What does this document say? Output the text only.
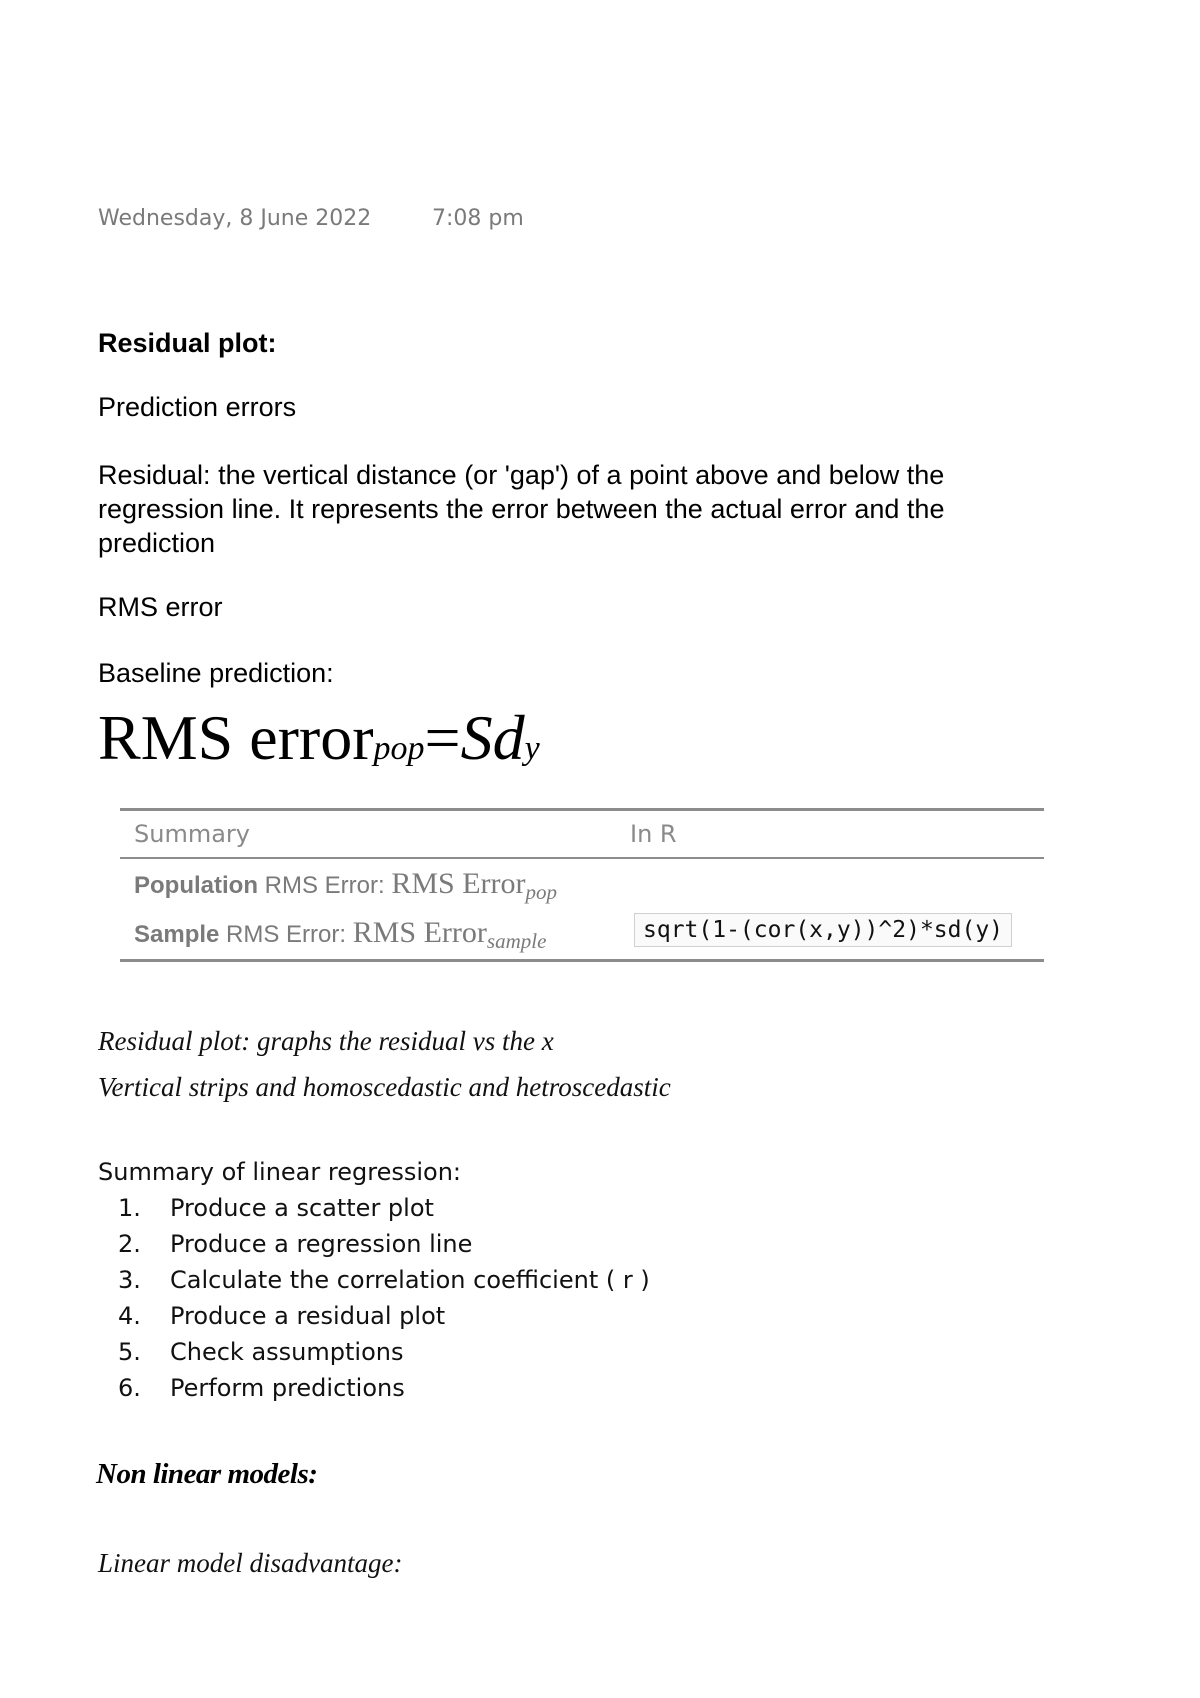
Wednesday, 8 June 2022	7:08 pm
Residual plot:
Prediction errors
Residual: the vertical distance (or 'gap') of a point above and below the regression line. It represents the error between the actual error and the prediction
RMS error
Baseline prediction:
RMS errorpop=Sdy
Summary	In R
Population RMS Error: RMS Error$_{pop}$
Sample RMS Error: RMS Error$_{sample}$	sqrt(1-(cor(x,y))^2)*sd(y)
Residual plot: graphs the residual vs the x
Vertical strips and homoscedastic and hetroscedastic
Summary of linear regression:
1. Produce a scatter plot
2. Produce a regression line
3. Calculate the correlation coefficient ( r )
4. Produce a residual plot
5. Check assumptions
6. Perform predictions
Non linear models:
Linear model disadvantage:
